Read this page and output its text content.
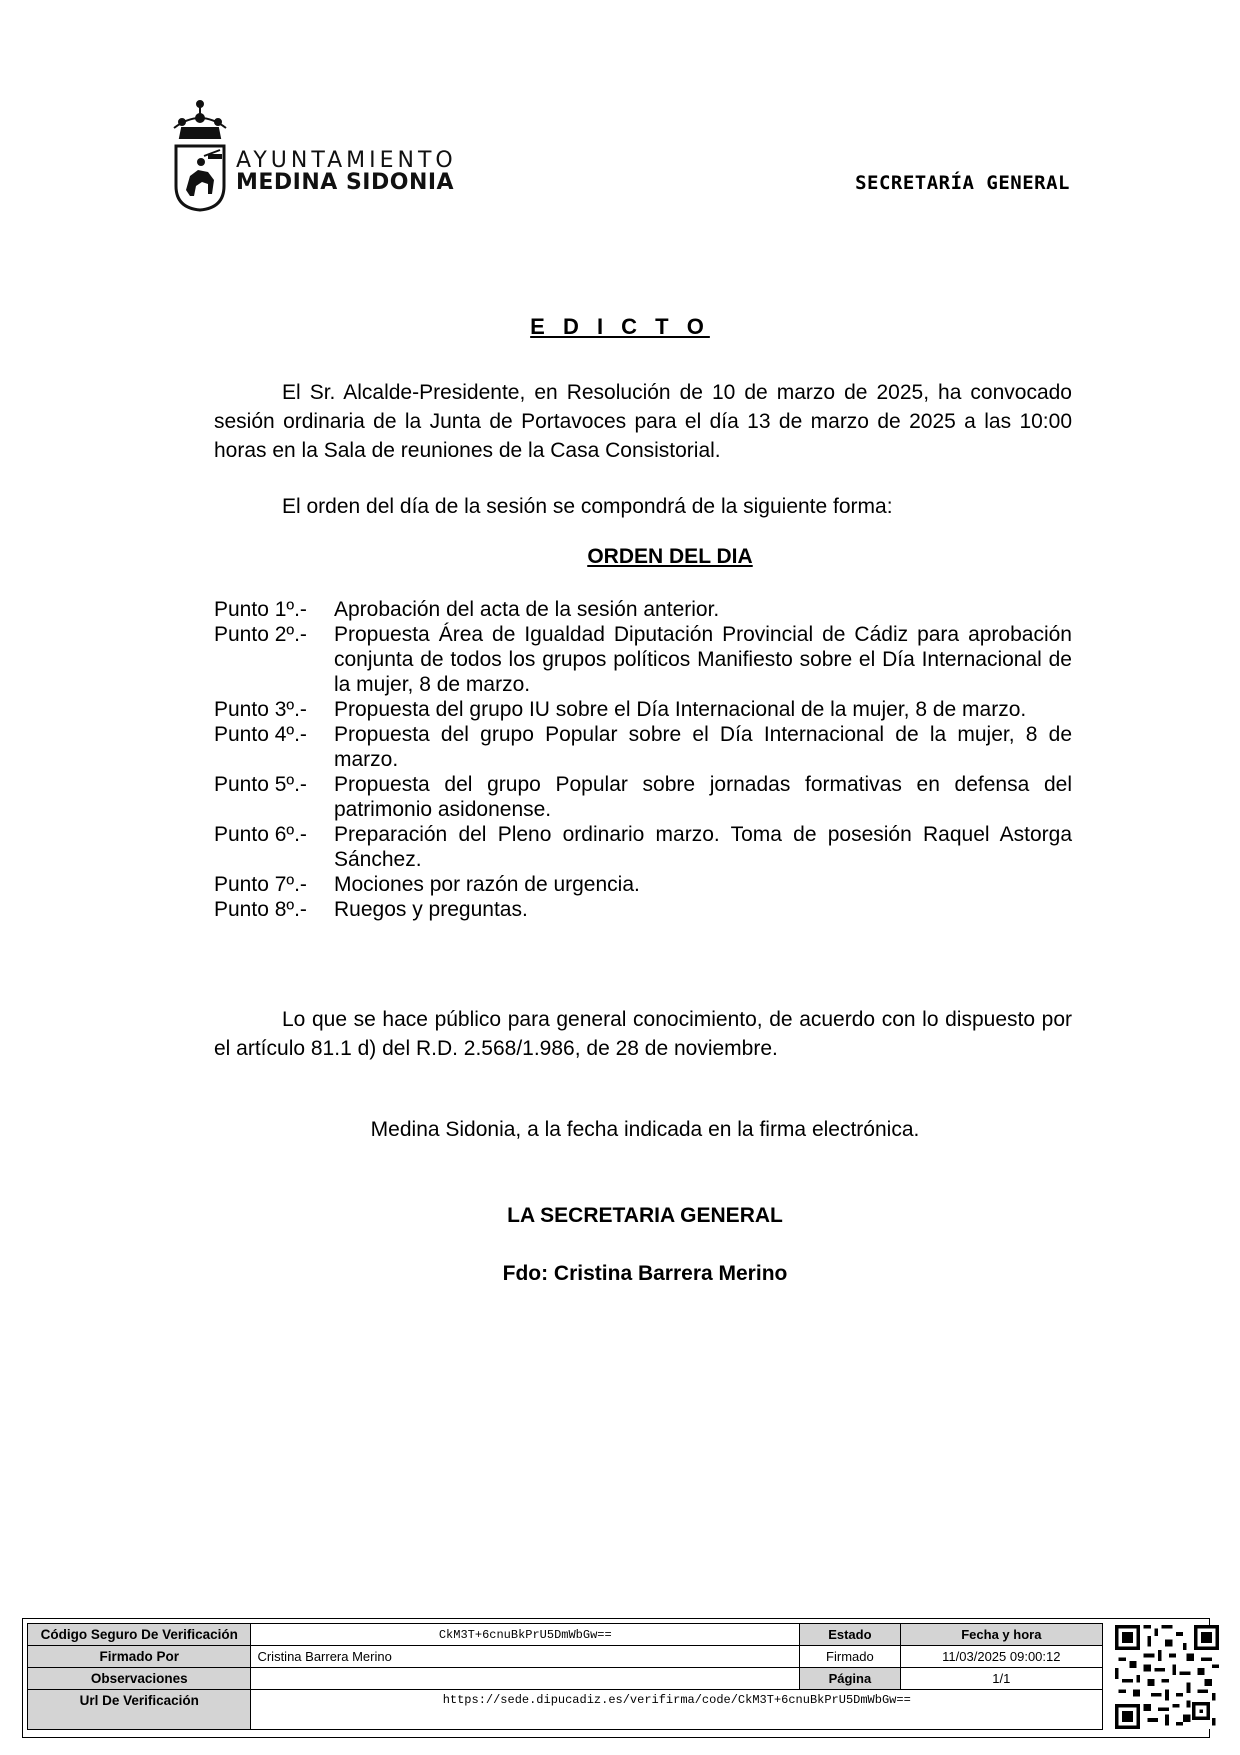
AYUNTAMIENTO
MEDINA SIDONIA	SECRETARÍA GENERAL
E D I C T O
El Sr. Alcalde-Presidente, en Resolución de 10 de marzo de 2025, ha convocado sesión ordinaria de la Junta de Portavoces para el día 13 de marzo de 2025 a las 10:00 horas en la Sala de reuniones de la Casa Consistorial.
El orden del día de la sesión se compondrá de la siguiente forma:
ORDEN DEL DIA
Punto 1º.-	Aprobación del acta de la sesión anterior.
Punto 2º.-	Propuesta Área de Igualdad Diputación Provincial de Cádiz para aprobación conjunta de todos los grupos políticos Manifiesto sobre el Día Internacional de la mujer, 8 de marzo.
Punto 3º.-	Propuesta del grupo IU sobre el Día Internacional de la mujer, 8 de marzo.
Punto 4º.-	Propuesta del grupo Popular sobre el Día Internacional de la mujer, 8 de marzo.
Punto 5º.-	Propuesta del grupo Popular sobre jornadas formativas en defensa del patrimonio asidonense.
Punto 6º.-	Preparación del Pleno ordinario marzo. Toma de posesión Raquel Astorga Sánchez.
Punto 7º.-	Mociones por razón de urgencia.
Punto 8º.-	Ruegos y preguntas.
Lo que se hace público para general conocimiento, de acuerdo con lo dispuesto por el artículo 81.1 d) del R.D. 2.568/1.986, de 28 de noviembre.
Medina Sidonia, a la fecha indicada en la firma electrónica.
LA SECRETARIA GENERAL
Fdo: Cristina Barrera Merino
Código Seguro De Verificación	CkM3T+6cnuBkPrU5DmWbGw==	Estado	Fecha y hora
Firmado Por	Cristina Barrera Merino	Firmado	11/03/2025 09:00:12
Observaciones		Página	1/1
Url De Verificación	https://sede.dipucadiz.es/verifirma/code/CkM3T+6cnuBkPrU5DmWbGw==		
